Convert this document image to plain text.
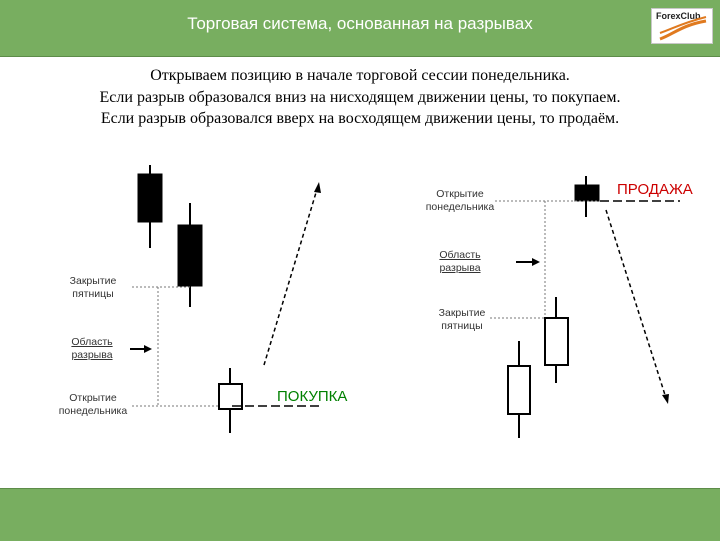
Торговая система, основанная на разрывах	ForexClub
Открываем позицию в начале торговой сессии понедельника.
Если разрыв образовался вниз на нисходящем движении цены, то покупаем.
Если разрыв образовался вверх на восходящем движении цены, то продаём.
Закрытие
пятницы
Область
разрыва
Открытие
понедельника
ПОКУПКА
Открытие
понедельника
Область
разрыва
Закрытие
пятницы
ПРОДАЖА
